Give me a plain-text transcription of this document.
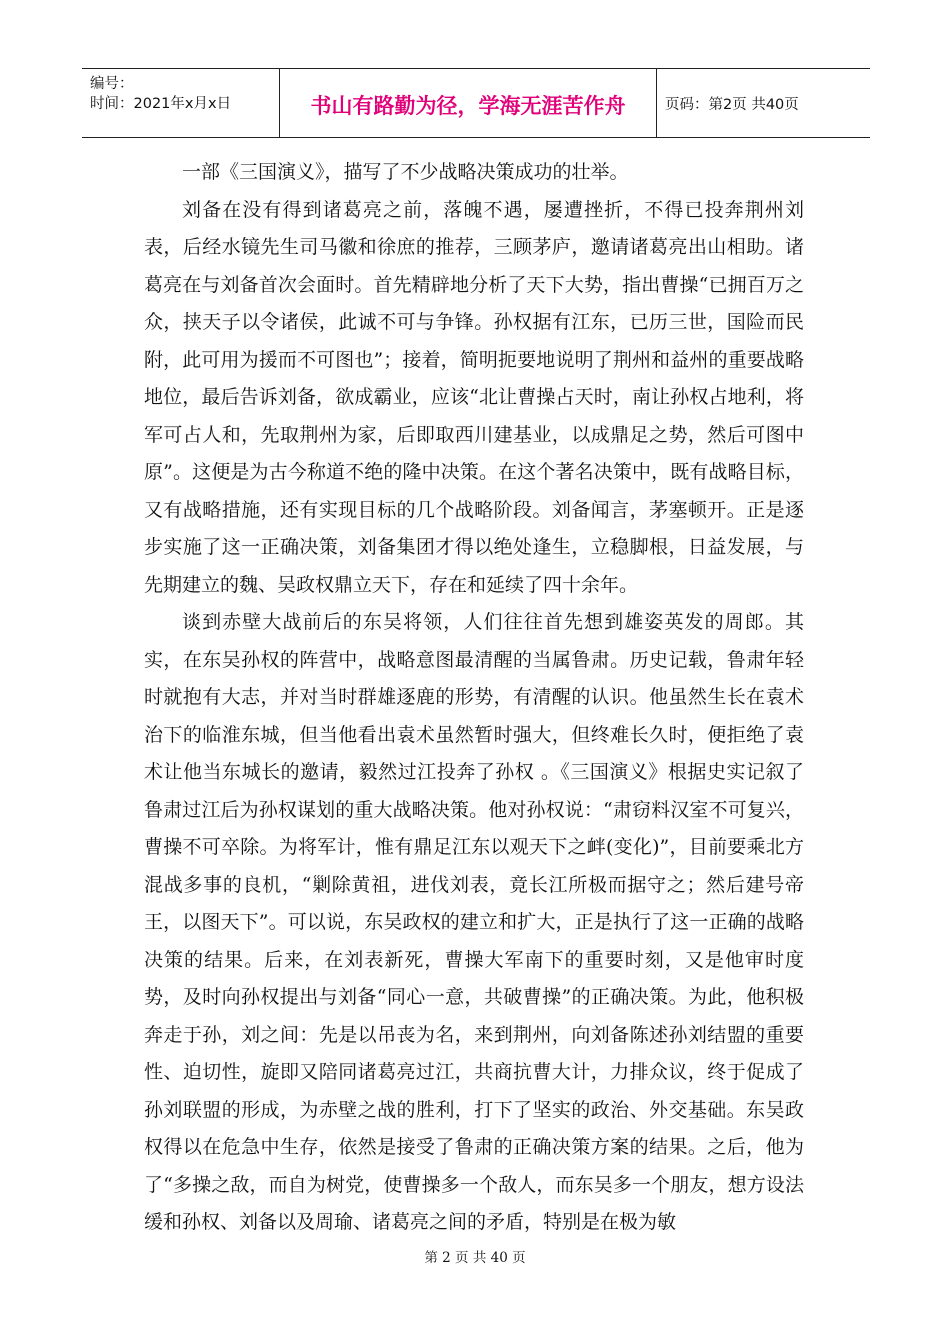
编号：
时间：2021年x月x日	书山有路勤为径，学海无涯苦作舟	页码：第2页 共40页

一部《三国演义》，描写了不少战略决策成功的壮举。

刘备在没有得到诸葛亮之前，落魄不遇，屡遭挫折，不得已投奔荆州刘表，后经水镜先生司马徽和徐庶的推荐，三顾茅庐，邀请诸葛亮出山相助。诸葛亮在与刘备首次会面时。首先精辟地分析了天下大势，指出曹操“已拥百万之众，挟天子以令诸侯，此诚不可与争锋。孙权据有江东，已历三世，国险而民附，此可用为援而不可图也”；接着，简明扼要地说明了荆州和益州的重要战略地位，最后告诉刘备，欲成霸业，应该“北让曹操占天时，南让孙权占地利，将军可占人和，先取荆州为家，后即取西川建基业，以成鼎足之势，然后可图中原”。这便是为古今称道不绝的隆中决策。在这个著名决策中，既有战略目标，又有战略措施，还有实现目标的几个战略阶段。刘备闻言，茅塞顿开。正是逐步实施了这一正确决策，刘备集团才得以绝处逢生，立稳脚根，日益发展，与先期建立的魏、吴政权鼎立天下，存在和延续了四十余年。

谈到赤壁大战前后的东吴将领，人们往往首先想到雄姿英发的周郎。其实，在东吴孙权的阵营中，战略意图最清醒的当属鲁肃。历史记载，鲁肃年轻时就抱有大志，并对当时群雄逐鹿的形势，有清醒的认识。他虽然生长在袁术治下的临淮东城，但当他看出袁术虽然暂时强大，但终难长久时，便拒绝了袁术让他当东城长的邀请，毅然过江投奔了孙权 。《三国演义》根据史实记叙了鲁肃过江后为孙权谋划的重大战略决策。他对孙权说：“肃窃料汉室不可复兴，曹操不可卒除。为将军计，惟有鼎足江东以观天下之衅(变化)”，目前要乘北方混战多事的良机，“剿除黄祖，进伐刘表，竟长江所极而据守之；然后建号帝王，以图天下”。可以说，东吴政权的建立和扩大，正是执行了这一正确的战略决策的结果。后来，在刘表新死，曹操大军南下的重要时刻，又是他审时度势，及时向孙权提出与刘备“同心一意，共破曹操”的正确决策。为此，他积极奔走于孙，刘之间：先是以吊丧为名，来到荆州，向刘备陈述孙刘结盟的重要性、迫切性，旋即又陪同诸葛亮过江，共商抗曹大计，力排众议，终于促成了孙刘联盟的形成，为赤壁之战的胜利，打下了坚实的政治、外交基础。东吴政权得以在危急中生存，依然是接受了鲁肃的正确决策方案的结果。之后，他为了“多操之敌，而自为树党，使曹操多一个敌人，而东吴多一个朋友，想方设法缓和孙权、刘备以及周瑜、诸葛亮之间的矛盾，特别是在极为敏

第 2 页 共 40 页
